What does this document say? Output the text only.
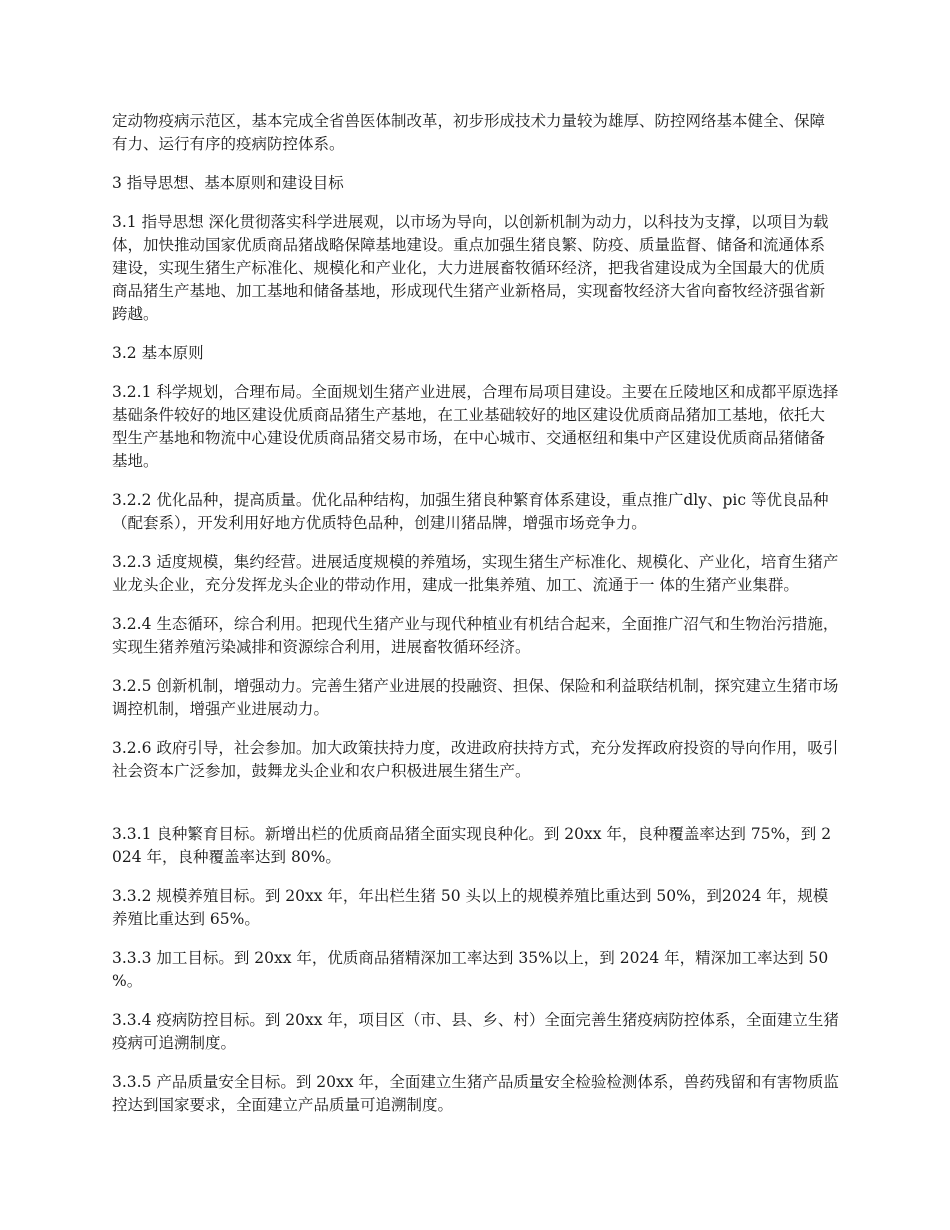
定动物疫病示范区，基本完成全省兽医体制改革，初步形成技术力量较为雄厚、防控网络基本健全、保障有力、运行有序的疫病防控体系。

3 指导思想、基本原则和建设目标

3.1 指导思想 深化贯彻落实科学进展观，以市场为导向，以创新机制为动力，以科技为支撑，以项目为载体，加快推动国家优质商品猪战略保障基地建设。重点加强生猪良繁、防疫、质量监督、储备和流通体系建设，实现生猪生产标准化、规模化和产业化，大力进展畜牧循环经济，把我省建设成为全国最大的优质商品猪生产基地、加工基地和储备基地，形成现代生猪产业新格局，实现畜牧经济大省向畜牧经济强省新跨越。

3.2 基本原则

3.2.1 科学规划，合理布局。全面规划生猪产业进展，合理布局项目建设。主要在丘陵地区和成都平原选择基础条件较好的地区建设优质商品猪生产基地，在工业基础较好的地区建设优质商品猪加工基地，依托大型生产基地和物流中心建设优质商品猪交易市场，在中心城市、交通枢纽和集中产区建设优质商品猪储备基地。

3.2.2 优化品种，提高质量。优化品种结构，加强生猪良种繁育体系建设，重点推广dly、pic 等优良品种（配套系），开发利用好地方优质特色品种，创建川猪品牌，增强市场竞争力。

3.2.3 适度规模，集约经营。进展适度规模的养殖场，实现生猪生产标准化、规模化、产业化，培育生猪产业龙头企业，充分发挥龙头企业的带动作用，建成一批集养殖、加工、流通于一 体的生猪产业集群。

3.2.4 生态循环，综合利用。把现代生猪产业与现代种植业有机结合起来，全面推广沼气和生物治污措施，实现生猪养殖污染减排和资源综合利用，进展畜牧循环经济。

3.2.5 创新机制，增强动力。完善生猪产业进展的投融资、担保、保险和利益联结机制，探究建立生猪市场调控机制，增强产业进展动力。

3.2.6 政府引导，社会参加。加大政策扶持力度，改进政府扶持方式，充分发挥政府投资的导向作用，吸引社会资本广泛参加，鼓舞龙头企业和农户积极进展生猪生产。

3.3.1 良种繁育目标。新增出栏的优质商品猪全面实现良种化。到 20xx 年，良种覆盖率达到 75%，到 2024 年，良种覆盖率达到 80%。

3.3.2 规模养殖目标。到 20xx 年，年出栏生猪 50 头以上的规模养殖比重达到 50%，到2024 年，规模养殖比重达到 65%。

3.3.3 加工目标。到 20xx 年，优质商品猪精深加工率达到 35%以上，到 2024 年，精深加工率达到 50%。

3.3.4 疫病防控目标。到 20xx 年，项目区（市、县、乡、村）全面完善生猪疫病防控体系，全面建立生猪疫病可追溯制度。

3.3.5 产品质量安全目标。到 20xx 年，全面建立生猪产品质量安全检验检测体系，兽药残留和有害物质监控达到国家要求，全面建立产品质量可追溯制度。
